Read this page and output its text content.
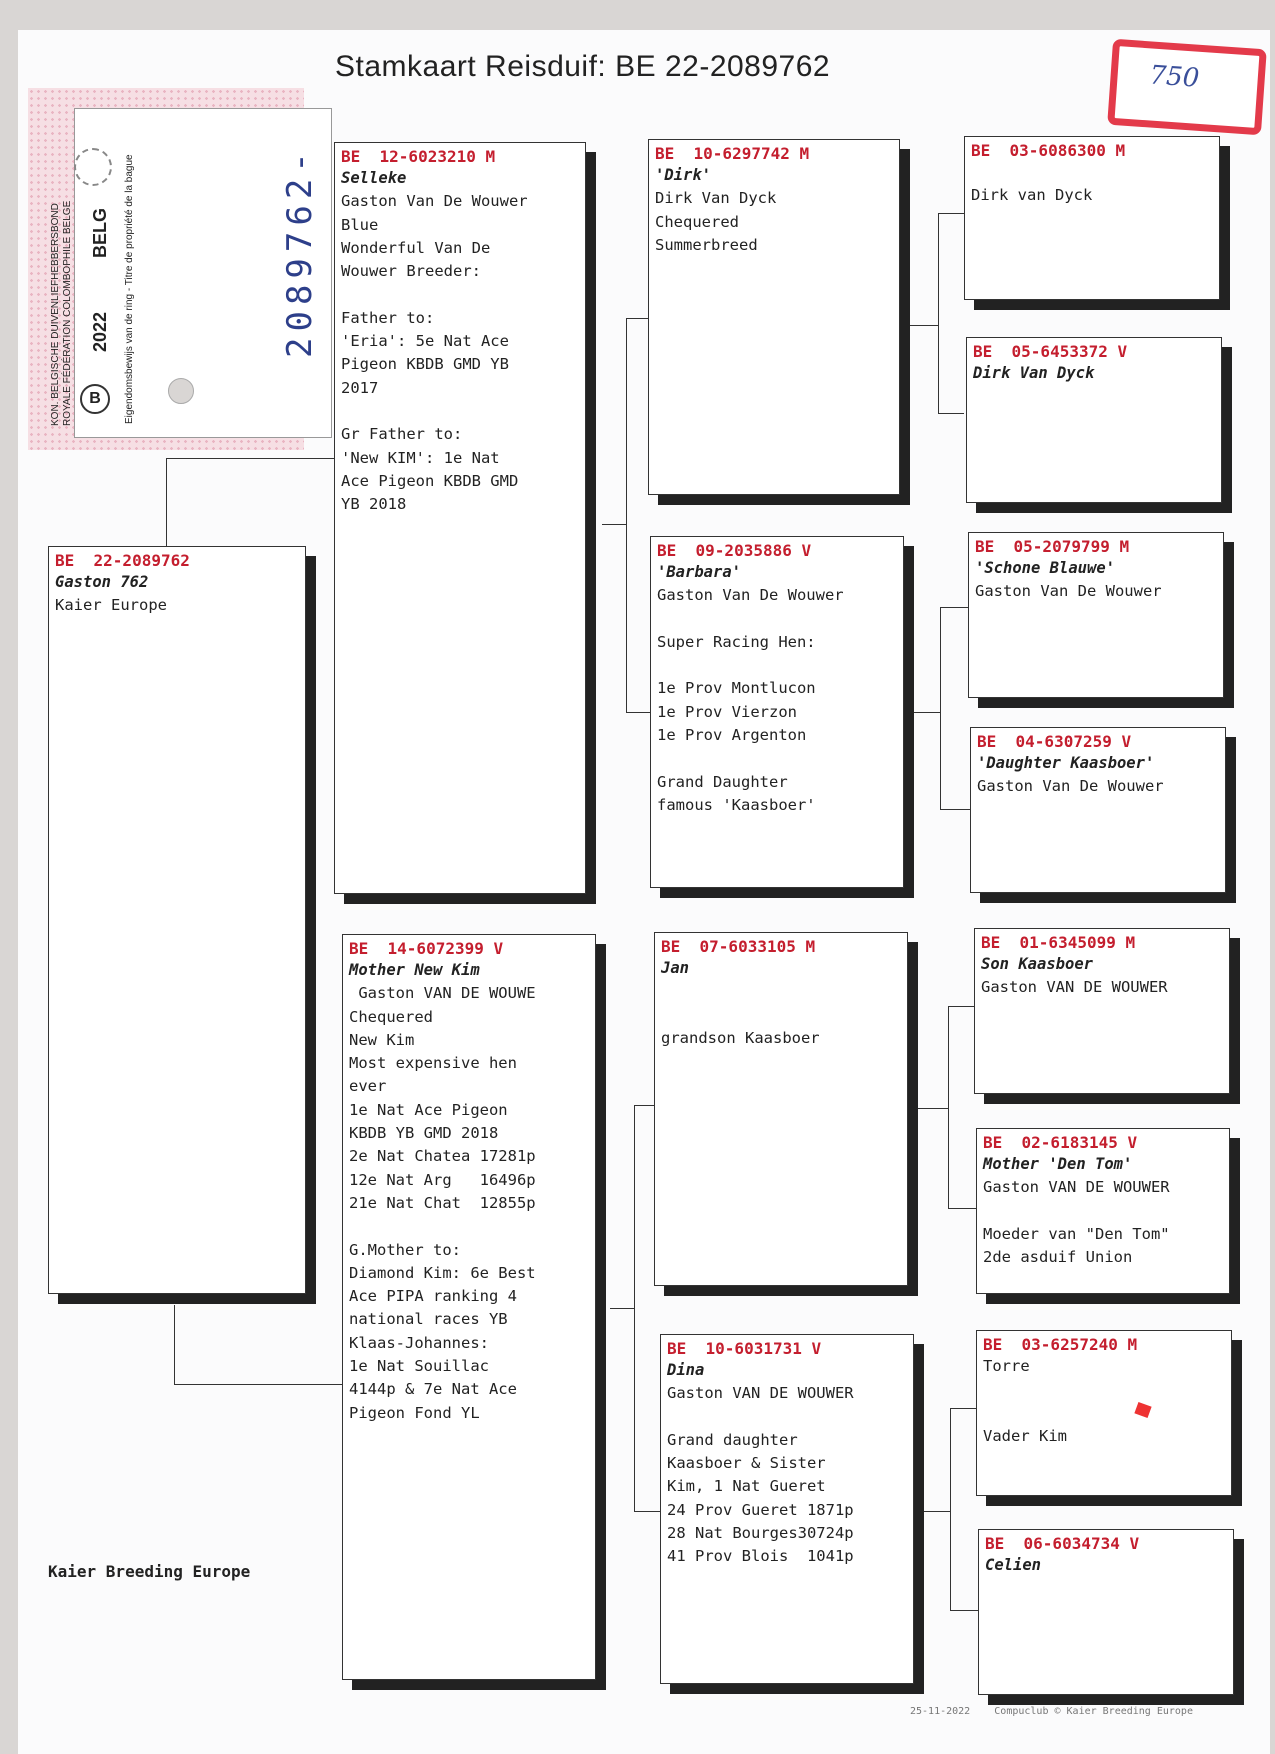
Stamkaart Reisduif: BE 22-2089762
2089762-
KON. BELGISCHE DUIVENLIEFHEBBERSBOND ROYALE FÉDÉRATION COLOMBOPHILE BELGE 2022
BELG Eigendomsbewijs van de ring - Titre de propriété de la bague
B
750
BE  22-2089762
Gaston 762
Kaier Europe
BE  12-6023210 M
Selleke
Gaston Van De Wouwer
Blue
Wonderful Van De
Wouwer Breeder:

Father to:
'Eria': 5e Nat Ace
Pigeon KBDB GMD YB
2017

Gr Father to:
'New KIM': 1e Nat
Ace Pigeon KBDB GMD
YB 2018
BE  14-6072399 V
Mother New Kim
Gaston VAN DE WOUWE
Chequered
New Kim
Most expensive hen
ever
1e Nat Ace Pigeon
KBDB YB GMD 2018
2e Nat Chatea 17281p
12e Nat Arg   16496p
21e Nat Chat  12855p

G.Mother to:
Diamond Kim: 6e Best
Ace PIPA ranking 4
national races YB
Klaas-Johannes:
1e Nat Souillac
4144p & 7e Nat Ace
Pigeon Fond YL
BE  10-6297742 M
'Dirk'
Dirk Van Dyck
Chequered
Summerbreed
BE  09-2035886 V
'Barbara'
Gaston Van De Wouwer

Super Racing Hen:

1e Prov Montlucon
1e Prov Vierzon
1e Prov Argenton

Grand Daughter
famous 'Kaasboer'
BE  07-6033105 M
Jan

grandson Kaasboer
BE  10-6031731 V
Dina
Gaston VAN DE WOUWER

Grand daughter
Kaasboer & Sister
Kim, 1 Nat Gueret
24 Prov Gueret 1871p
28 Nat Bourges30724p
41 Prov Blois  1041p
BE  03-6086300 M

Dirk van Dyck
BE  05-6453372 V
Dirk Van Dyck
BE  05-2079799 M
'Schone Blauwe'
Gaston Van De Wouwer
BE  04-6307259 V
'Daughter Kaasboer'
Gaston Van De Wouwer
BE  01-6345099 M
Son Kaasboer
Gaston VAN DE WOUWER
BE  02-6183145 V
Mother 'Den Tom'
Gaston VAN DE WOUWER

Moeder van "Den Tom"
2de asduif Union
BE  03-6257240 M
Torre

Vader Kim
BE  06-6034734 V
Celien
Kaier Breeding Europe
25-11-2022    Compuclub © Kaier Breeding Europe
